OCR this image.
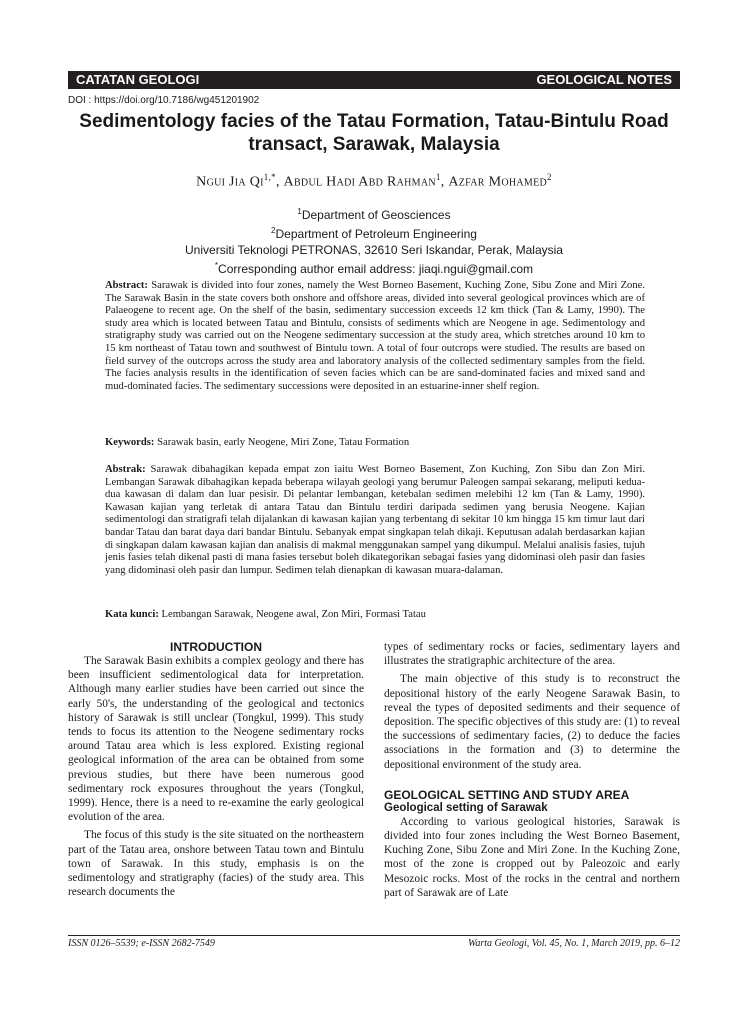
CATATAN GEOLOGI	GEOLOGICAL NOTES
DOI : https://doi.org/10.7186/wg451201902
Sedimentology facies of the Tatau Formation, Tatau-Bintulu Road transact, Sarawak, Malaysia
Ngui Jia $Qi^{1,*}$, Abdul Hadi Abd Rahman$^1$, Azfar Mohamed$^2$
$^1$Department of Geosciences
$^2$Department of Petroleum Engineering
Universiti Teknologi PETRONAS, 32610 Seri Iskandar, Perak, Malaysia
*Corresponding author email address: jiaqi.ngui@gmail.com
Abstract: Sarawak is divided into four zones, namely the West Borneo Basement, Kuching Zone, Sibu Zone and Miri Zone. The Sarawak Basin in the state covers both onshore and offshore areas, divided into several geological provinces which are of Palaeogene to recent age. On the shelf of the basin, sedimentary succession exceeds 12 km thick (Tan & Lamy, 1990). The study area which is located between Tatau and Bintulu, consists of sediments which are Neogene in age. Sedimentology and stratigraphy study was carried out on the Neogene sedimentary succession at the study area, which stretches around 10 km to 15 km northeast of Tatau town and southwest of Bintulu town. A total of four outcrops were studied. The results are based on field survey of the outcrops across the study area and laboratory analysis of the collected sedimentary samples from the field. The facies analysis results in the identification of seven facies which can be are sand-dominated facies and mixed sand and mud-dominated facies. The sedimentary successions were deposited in an estuarine-inner shelf region.
Keywords: Sarawak basin, early Neogene, Miri Zone, Tatau Formation
Abstrak: Sarawak dibahagikan kepada empat zon iaitu West Borneo Basement, Zon Kuching, Zon Sibu dan Zon Miri. Lembangan Sarawak dibahagikan kepada beberapa wilayah geologi yang berumur Paleogen sampai sekarang, meliputi kedua-dua kawasan di dalam dan luar pesisir. Di pelantar lembangan, ketebalan sedimen melebihi 12 km (Tan & Lamy, 1990). Kawasan kajian yang terletak di antara Tatau dan Bintulu terdiri daripada sedimen yang berusia Neogene. Kajian sedimentologi dan stratigrafi telah dijalankan di kawasan kajian yang terbentang di sekitar 10 km hingga 15 km timur laut dari bandar Tatau dan barat daya dari bandar Bintulu. Sebanyak empat singkapan telah dikaji. Keputusan adalah berdasarkan kajian di singkapan dalam kawasan kajian dan analisis di makmal menggunakan sampel yang dikumpul. Melalui analisis fasies, tujuh jenis fasies telah dikenal pasti di mana fasies tersebut boleh dikategorikan sebagai fasies yang didominasi oleh pasir dan fasies yang didominasi oleh pasir dan lumpur. Sedimen telah dienapkan di kawasan muara-dalaman.
Kata kunci: Lembangan Sarawak, Neogene awal, Zon Miri, Formasi Tatau
INTRODUCTION

The Sarawak Basin exhibits a complex geology and there has been insufficient sedimentological data for interpretation. Although many earlier studies have been carried out since the early 50's, the understanding of the geological and tectonics history of Sarawak is still unclear (Tongkul, 1999). This study tends to focus its attention to the Neogene sedimentary rocks around Tatau area which is less explored. Existing regional geological information of the area can be obtained from some previous studies, but there have been numerous good sedimentary rock exposures throughout the years (Tongkul, 1999). Hence, there is a need to re-examine the early geological evolution of the area.

The focus of this study is the site situated on the northeastern part of the Tatau area, onshore between Tatau town and Bintulu town of Sarawak. In this study, emphasis is on the sedimentology and stratigraphy (facies) of the study area. This research documents the

types of sedimentary rocks or facies, sedimentary layers and illustrates the stratigraphic architecture of the area.

The main objective of this study is to reconstruct the depositional history of the early Neogene Sarawak Basin, to reveal the types of deposited sediments and their sequence of deposition. The specific objectives of this study are: (1) to reveal the successions of sedimentary facies, (2) to deduce the facies associations in the formation and (3) to determine the depositional environment of the study area.

GEOLOGICAL SETTING AND STUDY AREA
Geological setting of Sarawak

According to various geological histories, Sarawak is divided into four zones including the West Borneo Basement, Kuching Zone, Sibu Zone and Miri Zone. In the Kuching Zone, most of the zone is cropped out by Paleozoic and early Mesozoic rocks. Most of the rocks in the central and northern part of Sarawak are of Late

ISSN 0126–5539; e-ISSN 2682-7549	Warta Geologi, Vol. 45, No. 1, March 2019, pp. 6–12
